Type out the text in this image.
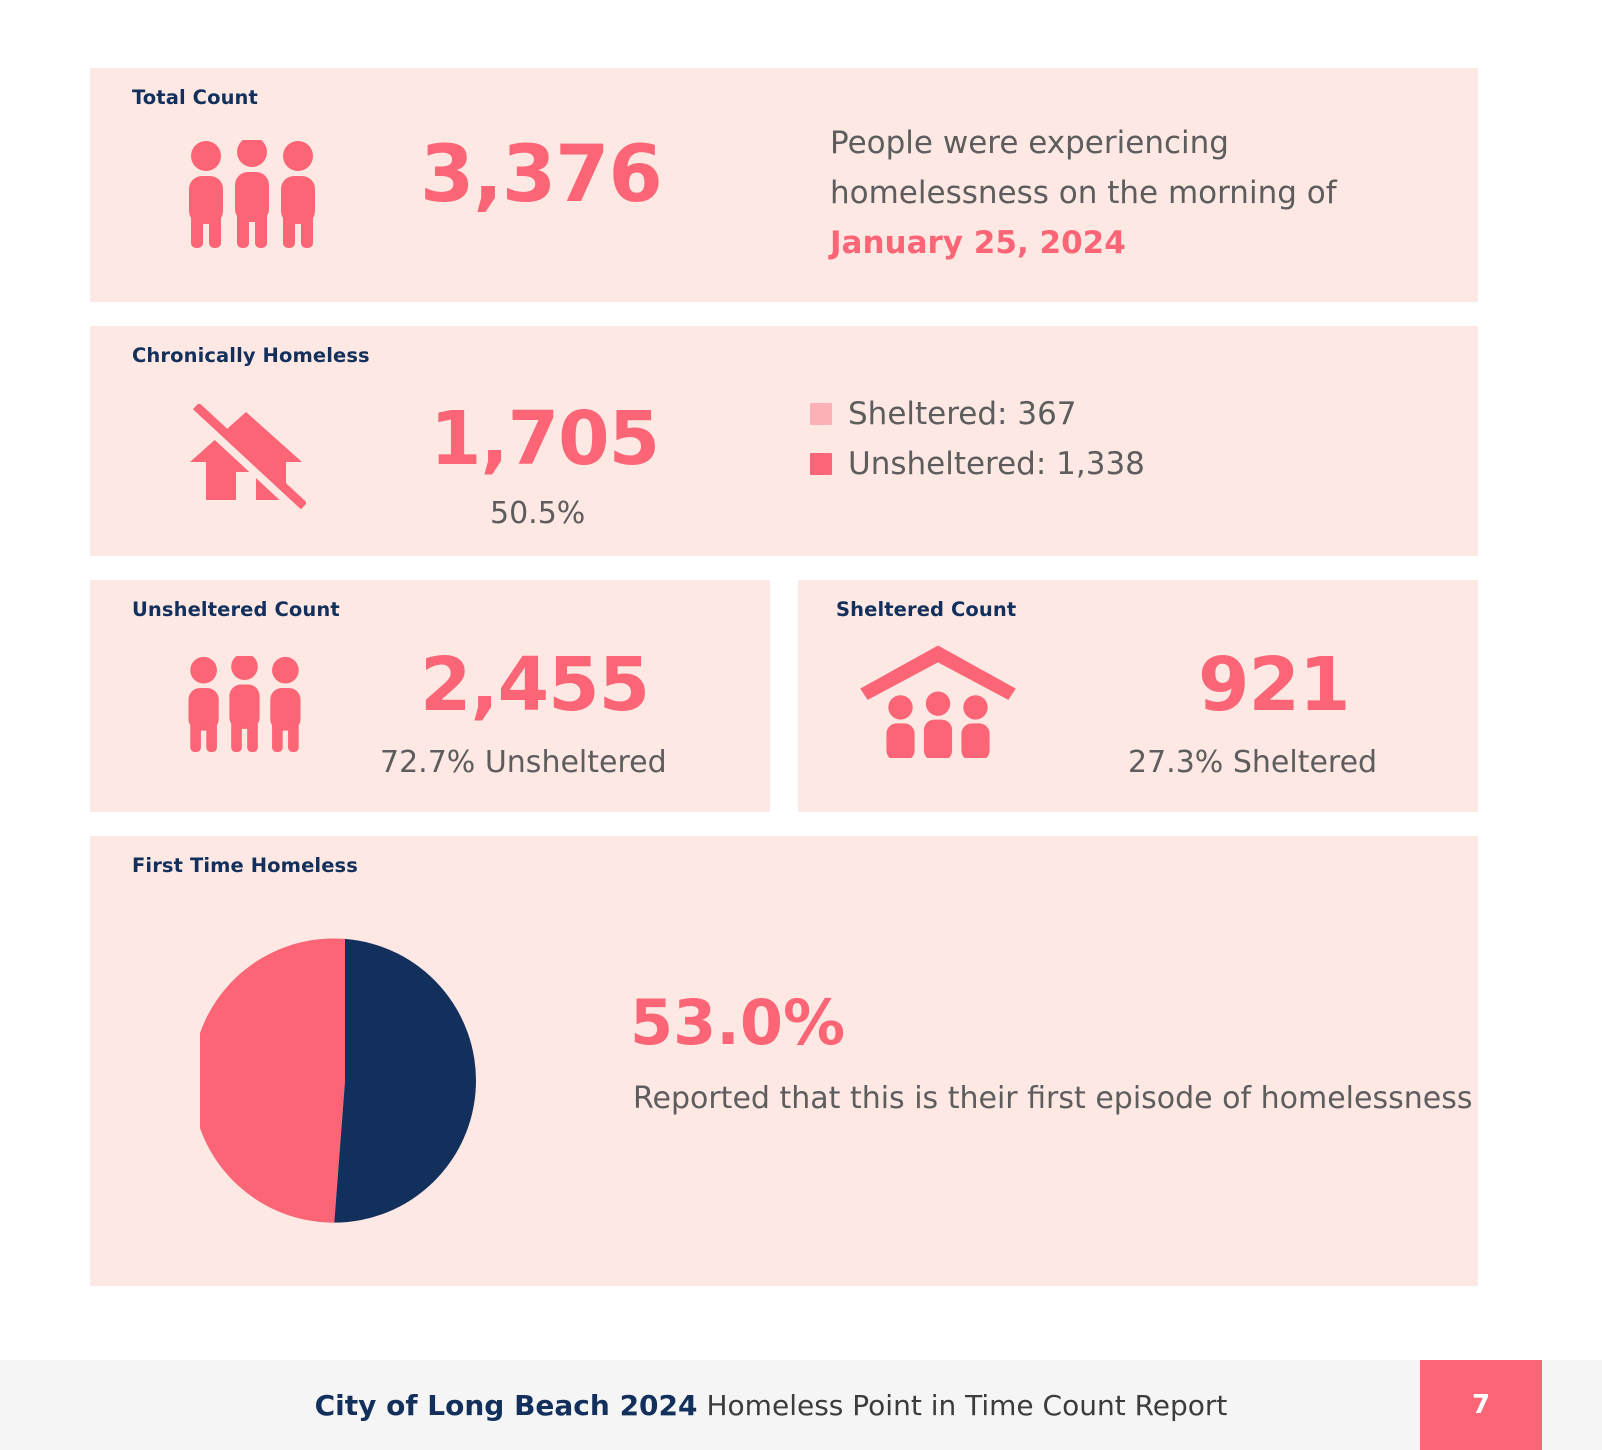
Total Count
3,376	People were experiencing
homelessness on the morning of
January 25, 2024
Chronically Homeless
1,705
50.5%
Sheltered: 367
Unsheltered: 1,338
Unsheltered Count
2,455
72.7% Unsheltered
Sheltered Count
921
27.3% Sheltered
First Time Homeless
53.0%
Reported that this is their first episode of homelessness
City of Long Beach 2024 Homeless Point in Time Count Report	7
